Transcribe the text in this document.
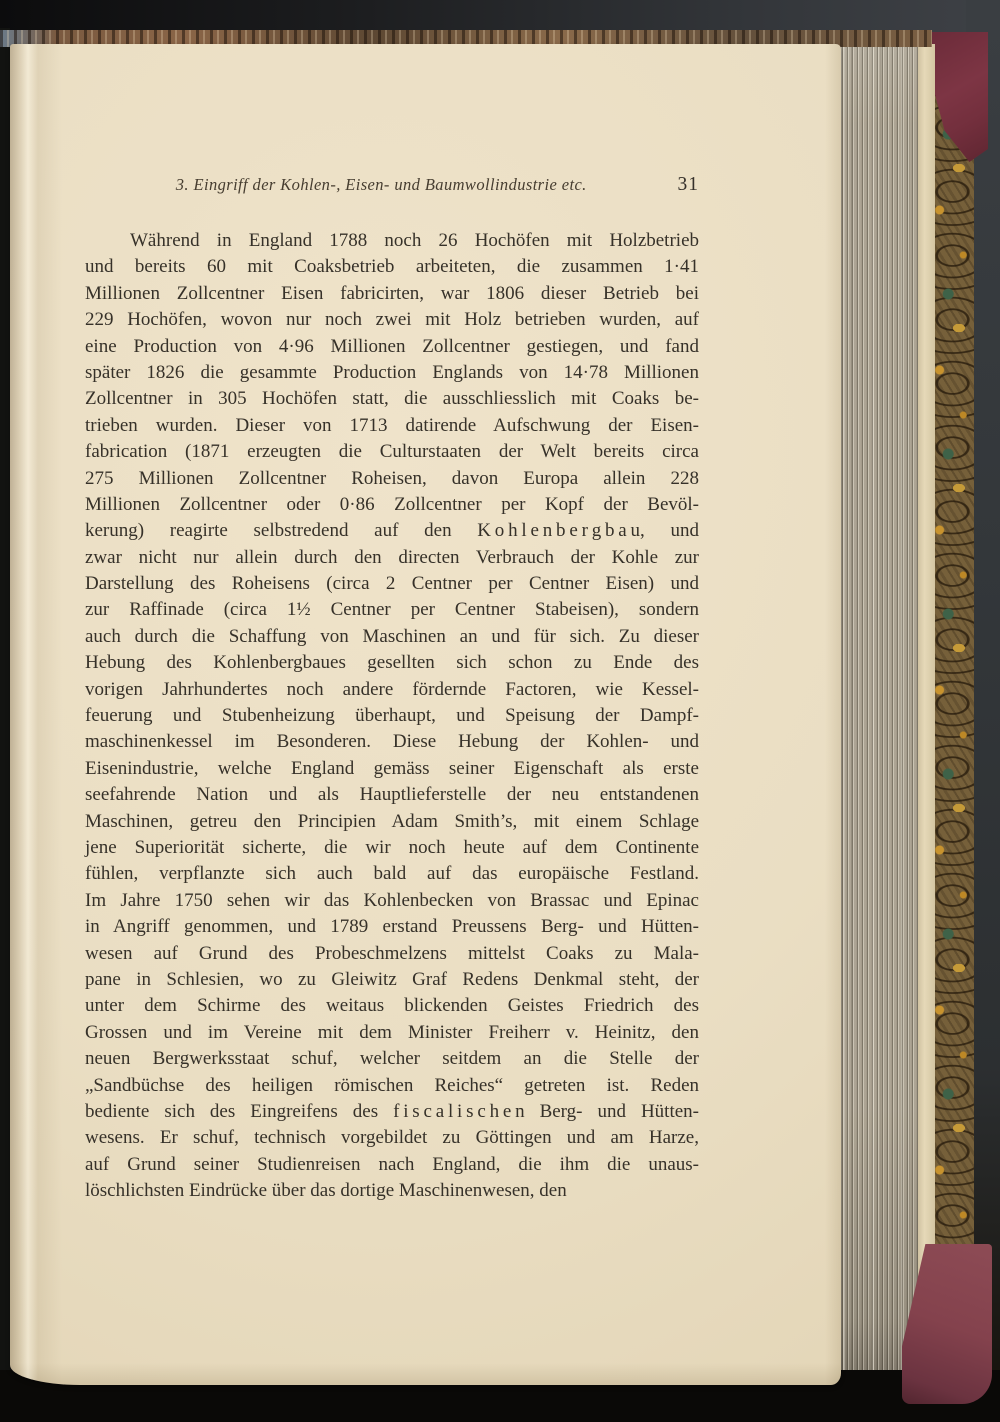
3. Eingriff der Kohlen-, Eisen- und Baumwollindustrie etc.	31
Während in England 1788 noch 26 Hochöfen mit Holzbetrieb
und bereits 60 mit Coaksbetrieb arbeiteten, die zusammen 1·41
Millionen Zollcentner Eisen fabricirten, war 1806 dieser Betrieb bei
229 Hochöfen, wovon nur noch zwei mit Holz betrieben wurden, auf
eine Production von 4·96 Millionen Zollcentner gestiegen, und fand
später 1826 die gesammte Production Englands von 14·78 Millionen
Zollcentner in 305 Hochöfen statt, die ausschliesslich mit Coaks be-
trieben wurden. Dieser von 1713 datirende Aufschwung der Eisen-
fabrication (1871 erzeugten die Culturstaaten der Welt bereits circa
275 Millionen Zollcentner Roheisen, davon Europa allein 228
Millionen Zollcentner oder 0·86 Zollcentner per Kopf der Bevöl-
kerung) reagirte selbstredend auf den K o h l e n b e r g b a u, und
zwar nicht nur allein durch den directen Verbrauch der Kohle zur
Darstellung des Roheisens (circa 2 Centner per Centner Eisen) und
zur Raffinade (circa 1½ Centner per Centner Stabeisen), sondern
auch durch die Schaffung von Maschinen an und für sich. Zu dieser
Hebung des Kohlenbergbaues gesellten sich schon zu Ende des
vorigen Jahrhundertes noch andere fördernde Factoren, wie Kessel-
feuerung und Stubenheizung überhaupt, und Speisung der Dampf-
maschinenkessel im Besonderen. Diese Hebung der Kohlen- und
Eisenindustrie, welche England gemäss seiner Eigenschaft als erste
seefahrende Nation und als Hauptlieferstelle der neu entstandenen
Maschinen, getreu den Principien Adam Smith’s, mit einem Schlage
jene Superiorität sicherte, die wir noch heute auf dem Continente
fühlen, verpflanzte sich auch bald auf das europäische Festland.
Im Jahre 1750 sehen wir das Kohlenbecken von Brassac und Epinac
in Angriff genommen, und 1789 erstand Preussens Berg- und Hütten-
wesen auf Grund des Probeschmelzens mittelst Coaks zu Mala-
pane in Schlesien, wo zu Gleiwitz Graf Redens Denkmal steht, der
unter dem Schirme des weitaus blickenden Geistes Friedrich des
Grossen und im Vereine mit dem Minister Freiherr v. Heinitz, den
neuen Bergwerksstaat schuf, welcher seitdem an die Stelle der
„Sandbüchse des heiligen römischen Reiches“ getreten ist. Reden
bediente sich des Eingreifens des f i s c a l i s c h e n Berg- und Hütten-
wesens. Er schuf, technisch vorgebildet zu Göttingen und am Harze,
auf Grund seiner Studienreisen nach England, die ihm die unaus-
löschlichsten Eindrücke über das dortige Maschinenwesen, den
